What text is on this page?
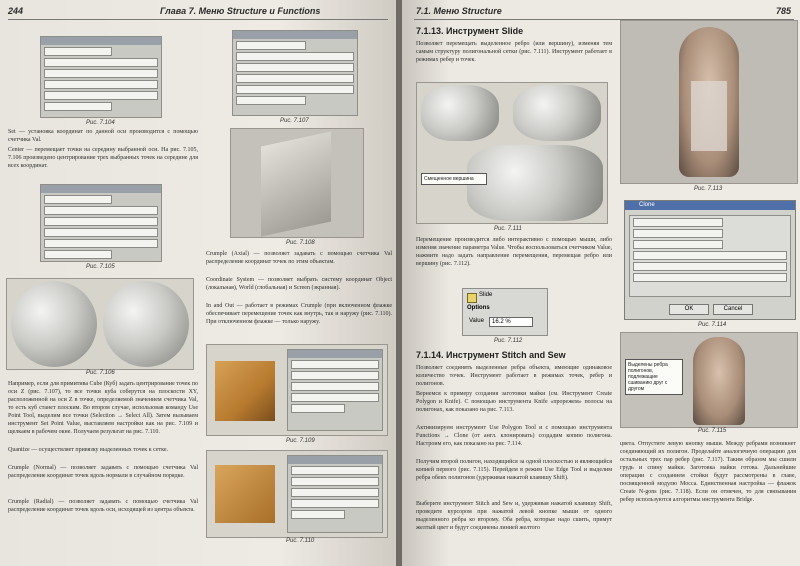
244	Глава 7. Меню Structure и Functions
Рис. 7.104
Set — установка координат по данной оси производится с помощью счетчика Val.
Center — перемещает точки на середину выбранной оси. На рис. 7.105, 7.106 произведено центрирование трех выбранных точек на середине для всех координат.
Рис. 7.105
Рис. 7.106
Например, если для примитива Cube (Куб) задать центрирование точек по оси Z (рис. 7.107), то все точки куба соберутся на плоскости XY, расположенной на оси Z в точке, определяемой значением счетчика Val, то есть куб станет плоским. Во втором случае, использовав команду Use Point Tool, выделим все точки (Selection → Select All). Затем вызываем инструмент Set Point Value, выставляем настройки как на рис. 7.109 и щелкаем в рабочем окне. Получаем результат на рис. 7.110.
Quantize — осуществляет привязку выделенных точек к сетке.
Crumple (Normal) — позволяет задавать с помощью счетчика Val распределение координат точек вдоль нормали в случайном порядке.
Crumple (Radial) — позволяет задавать с помощью счетчика Val распределение координат точек вдоль оси, исходящей из центра объекта.
Рис. 7.107
Рис. 7.108
Crumple (Axial) — позволяет задавать с помощью счетчика Val распределение координат точек по этим объектам.
Coordinate System — позволяет выбрать систему координат Object (локальная), World (глобальная) и Screen (экранная).
In and Out — работает в режимах Crumple (при включенном флажке обеспечивает перемещение точек как внутрь, так и наружу (рис. 7.110). При отключенном флажке — только наружу.
Рис. 7.109
Рис. 7.110
7.1. Меню Structure	785
7.1.13. Инструмент Slide
Позволяет перемещать выделенное ребро (или вершину), изменяя тем самым структуру полигональной сетки (рис. 7.111). Инструмент работает в режимах ребер и точек.
Смещенное вершина
Рис. 7.111
Перемещение производится либо интерактивно с помощью мыши, либо изменяя значение параметра Value. Чтобы воспользоваться счетчиком Value, нажмите надо задать направление перемещения, перемещая ребро или вершину (рис. 7.112).
Slide
Options
Value	16.2 %
Рис. 7.112
7.1.14. Инструмент Stitch and Sew
Позволяет соединять выделенные ребра объекта, имеющие одинаковое количество точек. Инструмент работает в режимах точек, ребер и полигонов.
Вернемся к примеру создания заготовки майки (см. Инструмент Create Polygon и Knife). С помощью инструмента Knife «прорежем» полосы на полигонах, как показано на рис. 7.113.
Активизируем инструмент Use Polygon Tool и с помощью инструмента Functions → Clone (от англ. клонировать) создадим копию полигона. Настроим его, как показано на рис. 7.114.
Получим второй полигон, находящийся за одной плоскостью и являющийся копией первого (рис. 7.115). Перейдем в режим Use Edge Tool и выделим ребра обеих полигонов (удерживая нажатой клавишу Shift).
Выберите инструмент Stitch and Sew и, удерживая нажатой клавишу Shift, проведите курсором при нажатой левой кнопке мыши от одного выделенного ребра ко второму. Оба ребра, которые надо сшить, примут желтый цвет и будут соединены линией желтого
Рис. 7.113
Clone
OK	Cancel
Рис. 7.114
Выделены ребра полигонов, подлежащие сшиванию друг с другом
Рис. 7.115
цвета. Отпустите левую кнопку мыши. Между ребрами возникнет соединяющий их полигон. Проделайте аналогичную операцию для остальных трех пар ребер (рис. 7.117). Таким образом мы сшили грудь и спину майки. Заготовка майки готова. Дальнейшие операции с созданием стойки будут рассмотрены в главе, посвященной модулю Mocca. Единственная настройка — флажок Create N-gons (рис. 7.118). Если он отмечен, то для связывания ребер используются алгоритмы инструмента Bridge.
